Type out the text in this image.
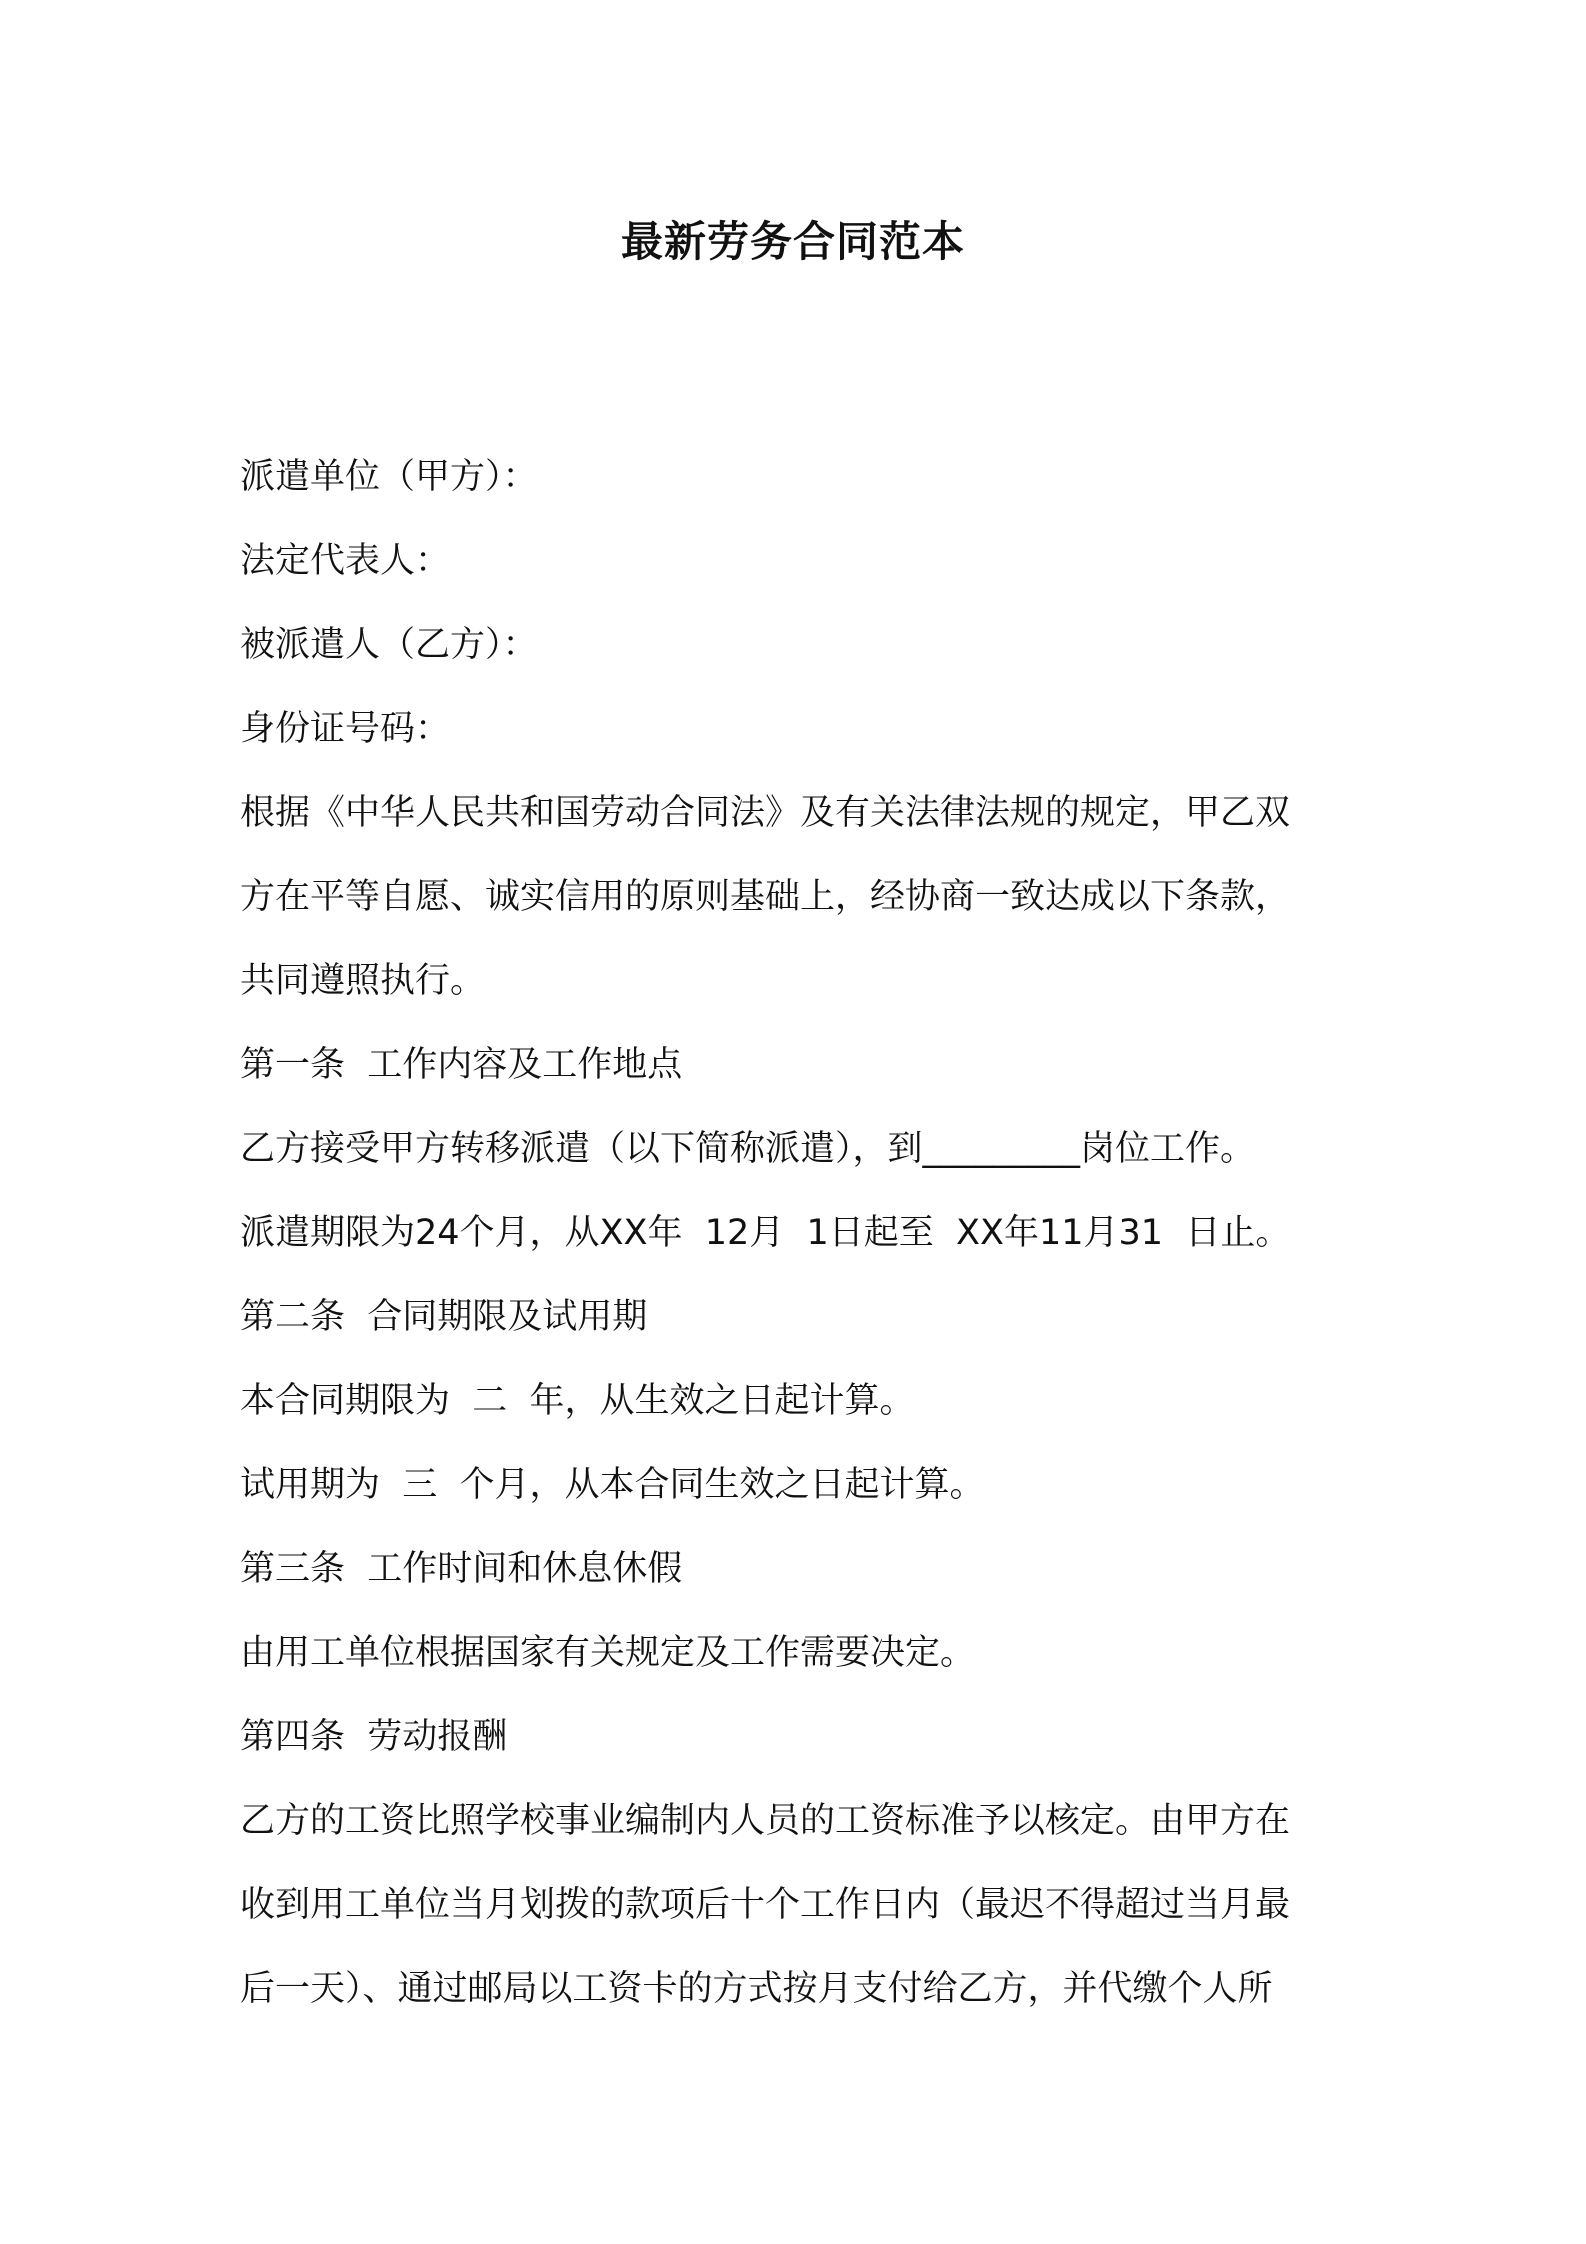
最新劳务合同范本
派遣单位（甲方）：
法定代表人：
被派遣人（乙方）：
身份证号码：
根据《中华人民共和国劳动合同法》及有关法律法规的规定，甲乙双
方在平等自愿、诚实信用的原则基础上，经协商一致达成以下条款，
共同遵照执行。
第一条  工作内容及工作地点
乙方接受甲方转移派遣（以下简称派遣），到_________岗位工作。
派遣期限为24个月，从XX年  12月  1日起至  XX年11月31  日止。
第二条  合同期限及试用期
本合同期限为  二  年，从生效之日起计算。
试用期为  三  个月，从本合同生效之日起计算。
第三条  工作时间和休息休假
由用工单位根据国家有关规定及工作需要决定。
第四条  劳动报酬
乙方的工资比照学校事业编制内人员的工资标准予以核定。由甲方在
收到用工单位当月划拨的款项后十个工作日内（最迟不得超过当月最
后一天）、通过邮局以工资卡的方式按月支付给乙方，并代缴个人所
